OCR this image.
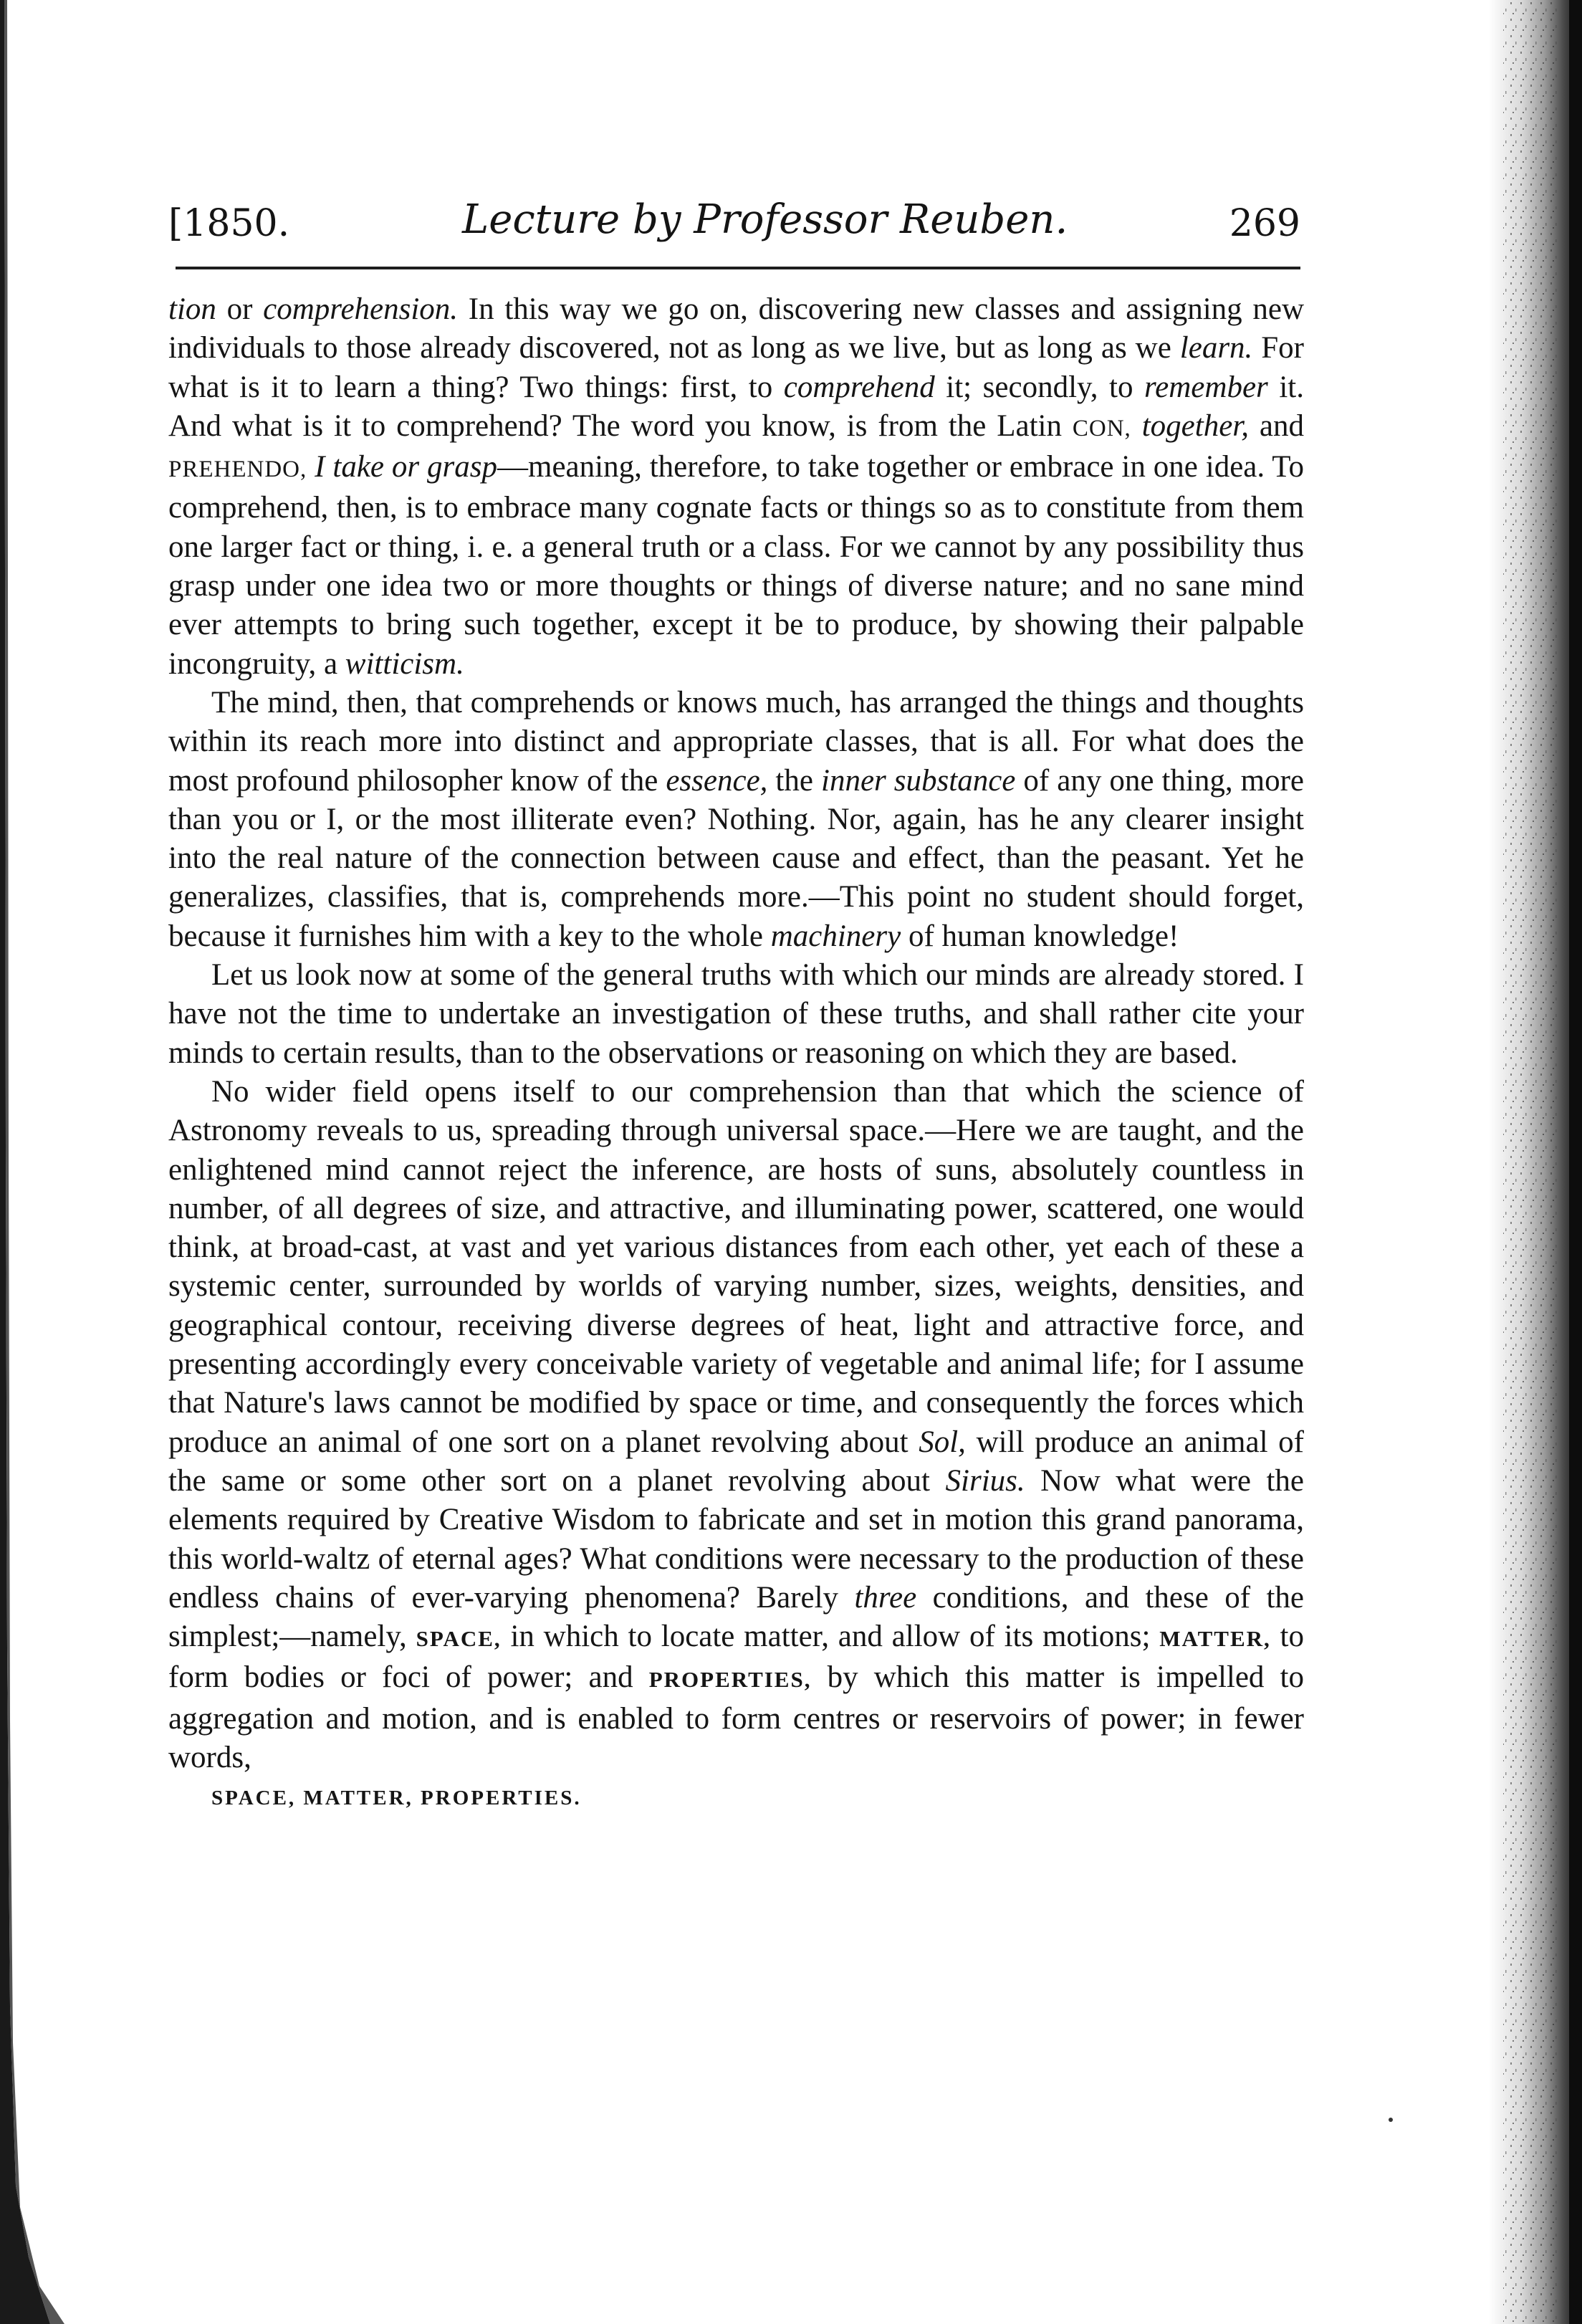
[1850.	Lecture by Professor Reuben.	269

tion or comprehension. In this way we go on, discovering new classes and assigning new individuals to those already discovered, not as long as we live, but as long as we learn. For what is it to learn a thing? Two things: first, to comprehend it; secondly, to remember it. And what is it to comprehend? The word you know, is from the Latin CON, together, and PREHENDO, I take or grasp—meaning, therefore, to take together or embrace in one idea. To comprehend, then, is to embrace many cognate facts or things so as to constitute from them one larger fact or thing, i. e. a general truth or a class. For we cannot by any possibility thus grasp under one idea two or more thoughts or things of diverse nature; and no sane mind ever attempts to bring such together, except it be to produce, by showing their palpable incongruity, a witticism.

The mind, then, that comprehends or knows much, has arranged the things and thoughts within its reach more into distinct and appropriate classes, that is all. For what does the most profound philosopher know of the essence, the inner substance of any one thing, more than you or I, or the most illiterate even? Nothing. Nor, again, has he any clearer insight into the real nature of the connection between cause and effect, than the peasant. Yet he generalizes, classifies, that is, comprehends more.—This point no student should forget, because it furnishes him with a key to the whole machinery of human knowledge!

Let us look now at some of the general truths with which our minds are already stored. I have not the time to undertake an investigation of these truths, and shall rather cite your minds to certain results, than to the observations or reasoning on which they are based.

No wider field opens itself to our comprehension than that which the science of Astronomy reveals to us, spreading through universal space.—Here we are taught, and the enlightened mind cannot reject the inference, are hosts of suns, absolutely countless in number, of all degrees of size, and attractive, and illuminating power, scattered, one would think, at broad-cast, at vast and yet various distances from each other, yet each of these a systemic center, surrounded by worlds of varying number, sizes, weights, densities, and geographical contour, receiving diverse degrees of heat, light and attractive force, and presenting accordingly every conceivable variety of vegetable and animal life; for I assume that Nature's laws cannot be modified by space or time, and consequently the forces which produce an animal of one sort on a planet revolving about Sol, will produce an animal of the same or some other sort on a planet revolving about Sirius. Now what were the elements required by Creative Wisdom to fabricate and set in motion this grand panorama, this world-waltz of eternal ages? What conditions were necessary to the production of these endless chains of ever-varying phenomena? Barely three conditions, and these of the simplest;—namely, SPACE, in which to locate matter, and allow of its motions; MATTER, to form bodies or foci of power; and PROPERTIES, by which this matter is impelled to aggregation and motion, and is enabled to form centres or reservoirs of power; in fewer words,
SPACE, MATTER, PROPERTIES.
